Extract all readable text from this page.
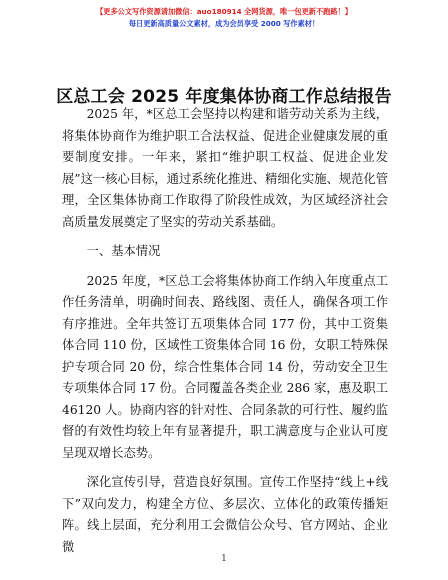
【更多公文写作资源请加微信：auo180914 全网货源，唯一包更新不跑路！】
每日更新高质量公文素材，成为会员享受 2000 写作素材！
区总工会 2025 年度集体协商工作总结报告

2025 年，*区总工会坚持以构建和谐劳动关系为主线，将集体协商作为维护职工合法权益、促进企业健康发展的重要制度安排。一年来，紧扣“维护职工权益、促进企业发展”这一核心目标，通过系统化推进、精细化实施、规范化管理，全区集体协商工作取得了阶段性成效，为区域经济社会高质量发展奠定了坚实的劳动关系基础。

一、基本情况

2025 年度，*区总工会将集体协商工作纳入年度重点工作任务清单，明确时间表、路线图、责任人，确保各项工作有序推进。全年共签订五项集体合同 177 份，其中工资集体合同 110 份，区域性工资集体合同 16 份，女职工特殊保护专项合同 20 份，综合性集体合同 14 份，劳动安全卫生专项集体合同 17 份。合同覆盖各类企业 286 家，惠及职工 46120 人。协商内容的针对性、合同条款的可行性、履约监督的有效性均较上年有显著提升，职工满意度与企业认可度呈现双增长态势。

深化宣传引导，营造良好氛围。宣传工作坚持“线上+线下”双向发力，构建全方位、多层次、立体化的政策传播矩阵。线上层面，充分利用工会微信公众号、官方网站、企业微

1
